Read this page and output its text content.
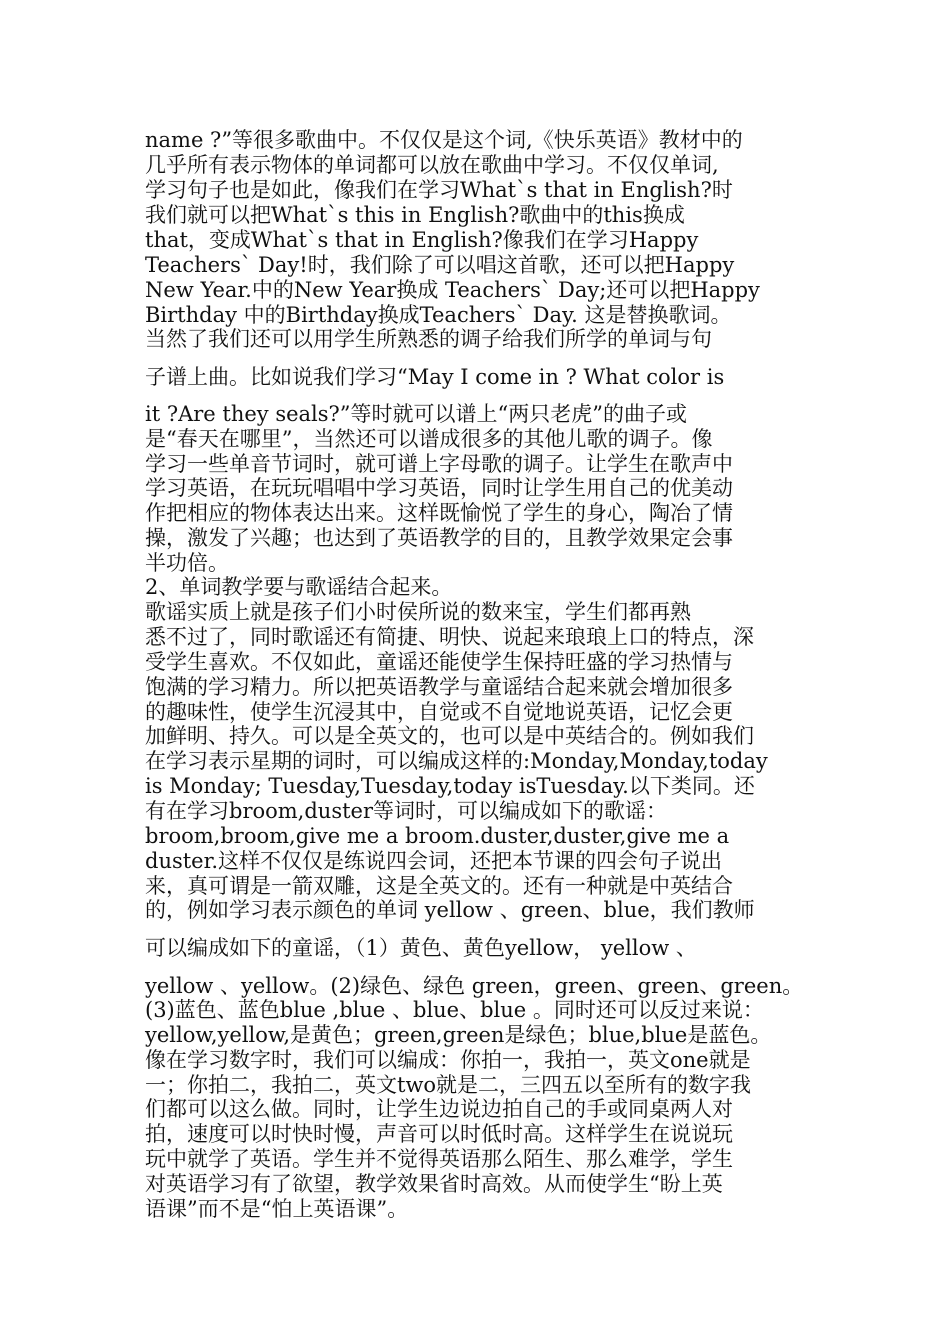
name ?”等很多歌曲中。不仅仅是这个词,《快乐英语》教材中的

几乎所有表示物体的单词都可以放在歌曲中学习。不仅仅单词,

学习句子也是如此，像我们在学习What`s that in English?时

我们就可以把What`s this in English?歌曲中的this换成

that，变成What`s that in English?像我们在学习Happy

Teachers` Day!时，我们除了可以唱这首歌，还可以把Happy

New Year.中的New Year换成 Teachers` Day;还可以把Happy

Birthday 中的Birthday换成Teachers` Day. 这是替换歌词。

当然了我们还可以用学生所熟悉的调子给我们所学的单词与句

子谱上曲。比如说我们学习“May I come in ? What color is

it ?Are they seals?”等时就可以谱上“两只老虎”的曲子或

是“春天在哪里”，当然还可以谱成很多的其他儿歌的调子。像

学习一些单音节词时，就可谱上字母歌的调子。让学生在歌声中

学习英语，在玩玩唱唱中学习英语，同时让学生用自己的优美动

作把相应的物体表达出来。这样既愉悦了学生的身心，陶冶了情

操，激发了兴趣；也达到了英语教学的目的，且教学效果定会事

半功倍。

2、单词教学要与歌谣结合起来。

歌谣实质上就是孩子们小时侯所说的数来宝，学生们都再熟

悉不过了，同时歌谣还有简捷、明快、说起来琅琅上口的特点，深

受学生喜欢。不仅如此，童谣还能使学生保持旺盛的学习热情与

饱满的学习精力。所以把英语教学与童谣结合起来就会增加很多

的趣味性，使学生沉浸其中，自觉或不自觉地说英语，记忆会更

加鲜明、持久。可以是全英文的，也可以是中英结合的。例如我们

在学习表示星期的词时，可以编成这样的:Monday,Monday,today

is Monday; Tuesday,Tuesday,today isTuesday.以下类同。还

有在学习broom,duster等词时，可以编成如下的歌谣：

broom,broom,give me a broom.duster,duster,give me a

duster.这样不仅仅是练说四会词，还把本节课的四会句子说出

来，真可谓是一箭双雕，这是全英文的。还有一种就是中英结合

的，例如学习表示颜色的单词 yellow 、green、blue，我们教师

可以编成如下的童谣，（1）黄色、黄色yellow， yellow 、

yellow 、yellow。(2)绿色、绿色 green，green、green、green。

(3)蓝色、蓝色blue ,blue 、blue、blue 。同时还可以反过来说：

yellow,yellow,是黄色；green,green是绿色；blue,blue是蓝色。

像在学习数字时，我们可以编成：你拍一，我拍一，英文one就是

一；你拍二，我拍二，英文two就是二，三四五以至所有的数字我

们都可以这么做。同时，让学生边说边拍自己的手或同桌两人对

拍，速度可以时快时慢，声音可以时低时高。这样学生在说说玩

玩中就学了英语。学生并不觉得英语那么陌生、那么难学，学生

对英语学习有了欲望，教学效果省时高效。从而使学生“盼上英

语课”而不是“怕上英语课”。
